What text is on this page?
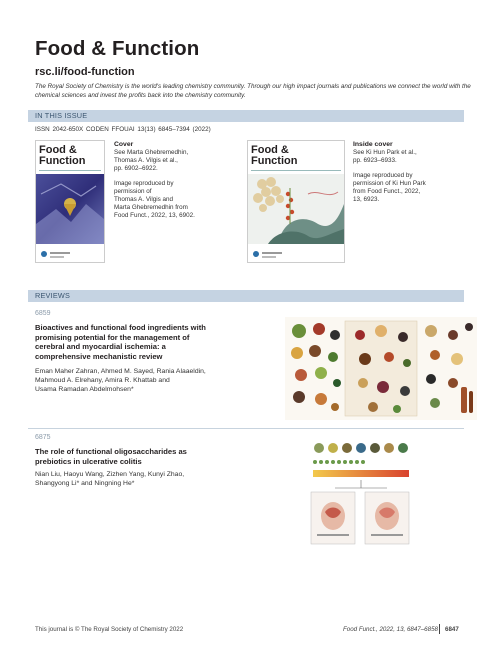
Food & Function
rsc.li/food-function
The Royal Society of Chemistry is the world's leading chemistry community. Through our high impact journals and publications we connect the world with the chemical sciences and invest the profits back into the chemistry community.
IN THIS ISSUE
ISSN 2042-650X CODEN FFOUAI 13(13) 6845–7394 (2022)
Food &
Function
Cover
See Marta Ghebremedhin,
Thomas A. Vilgis et al.,
pp. 6902–6922.
Image reproduced by
permission of
Thomas A. Vilgis and
Marta Ghebremedhin from
Food Funct., 2022, 13, 6902.
Food &
Function
Inside cover
See Ki Hun Park et al.,
pp. 6923–6933.
Image reproduced by
permission of Ki Hun Park
from Food Funct., 2022,
13, 6923.
REVIEWS
6859
Bioactives and functional food ingredients with
promising potential for the management of
cerebral and myocardial ischemia: a
comprehensive mechanistic review
Eman Maher Zahran, Ahmed M. Sayed, Rania Alaaeldin,
Mahmoud A. Elrehany, Amira R. Khattab and
Usama Ramadan Abdelmohsen*
6875
The role of functional oligosaccharides as
prebiotics in ulcerative colitis
Nian Liu, Haoyu Wang, Zizhen Yang, Kunyi Zhao,
Shangyong Li* and Ningning He*
This journal is © The Royal Society of Chemistry 2022	Food Funct., 2022, 13, 6847–6858 6847
